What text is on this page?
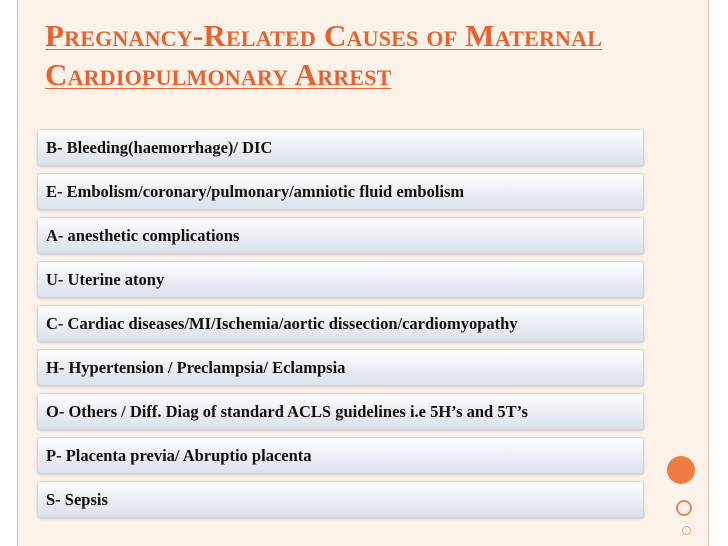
Pregnancy-Related Causes of Maternal
Cardiopulmonary Arrest
B- Bleeding(haemorrhage)/ DIC
E- Embolism/coronary/pulmonary/amniotic fluid embolism
A- anesthetic complications
U- Uterine atony
C- Cardiac diseases/MI/Ischemia/aortic dissection/cardiomyopathy
H- Hypertension / Preclampsia/ Eclampsia
O- Others / Diff. Diag of standard ACLS guidelines i.e 5H’s and 5T’s
P- Placenta previa/ Abruptio placenta
S- Sepsis
